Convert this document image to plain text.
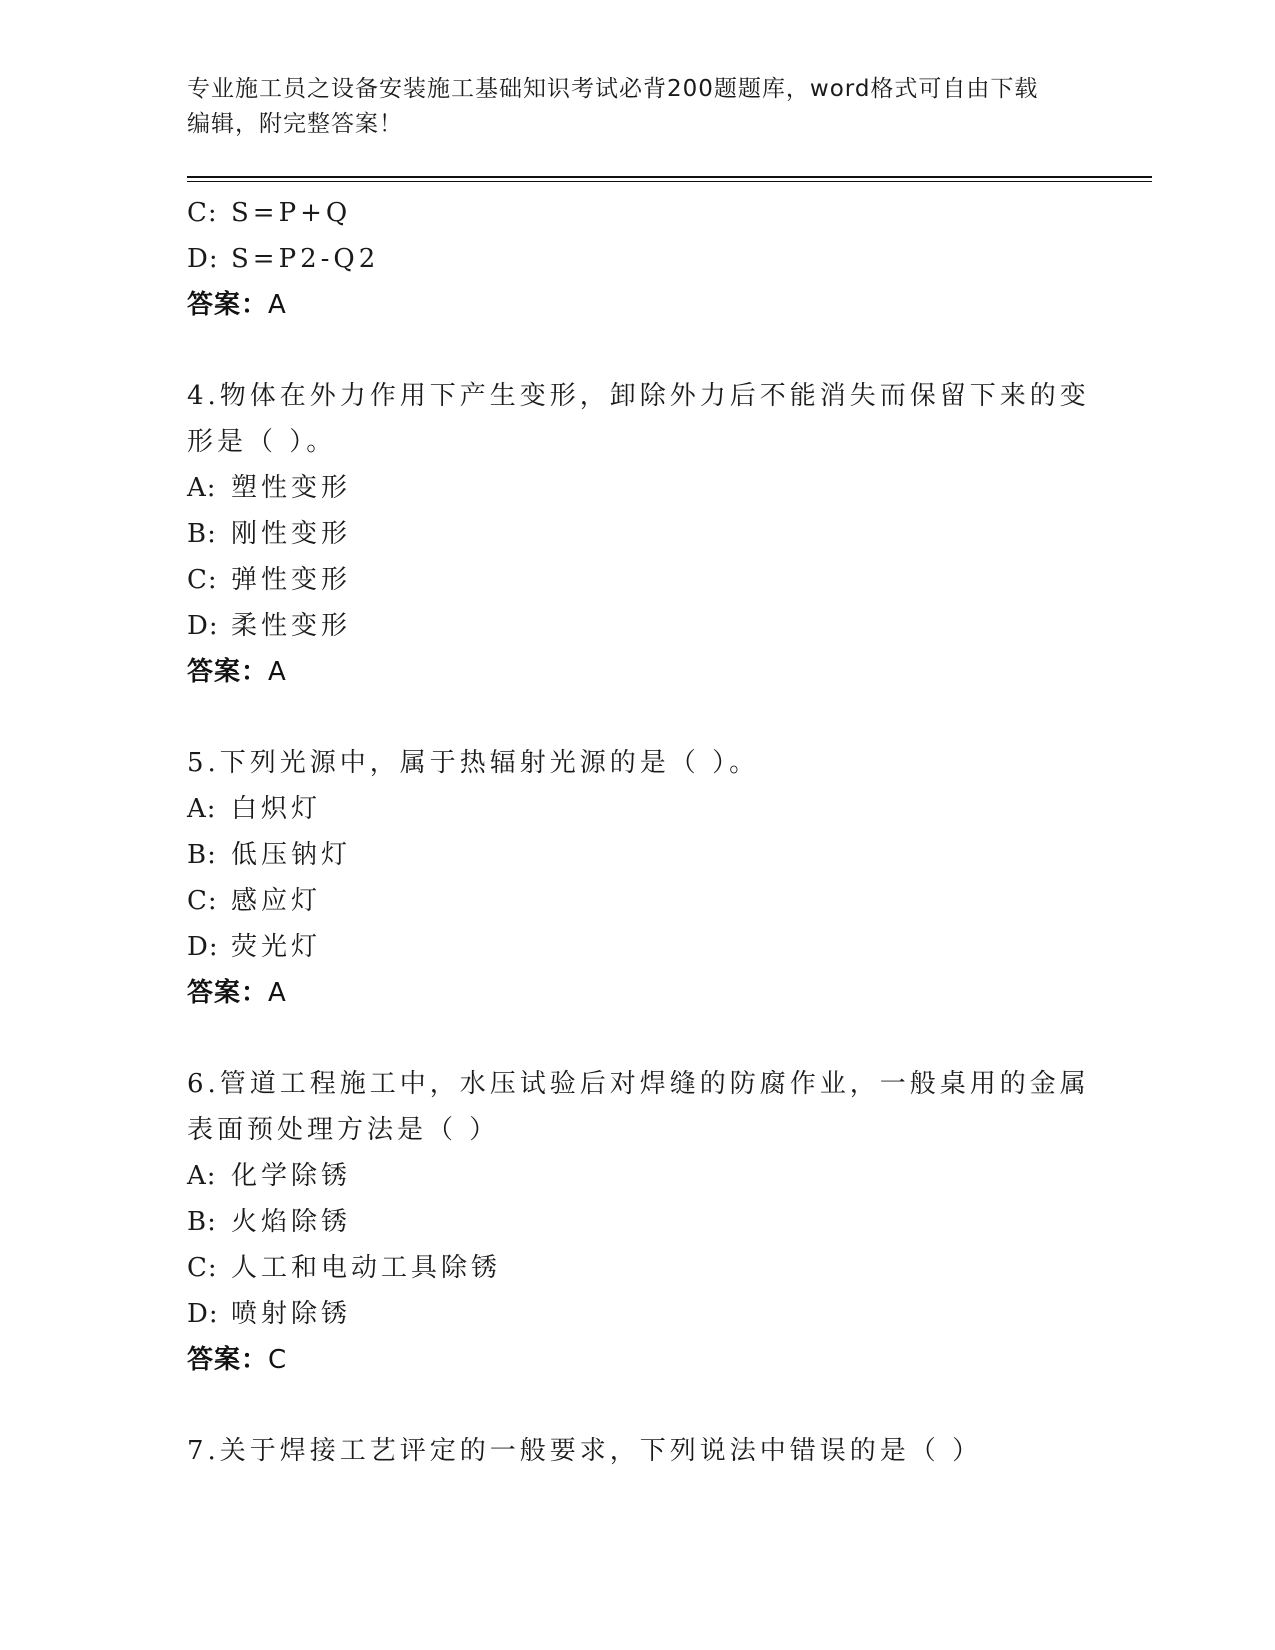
专业施工员之设备安装施工基础知识考试必背200题题库，word格式可自由下载
编辑，附完整答案！
C: S=P+Q
D: S=P2-Q2
答案：A
4.物体在外力作用下产生变形，卸除外力后不能消失而保留下来的变
形是（ ）。
A: 塑性变形
B: 刚性变形
C: 弹性变形
D: 柔性变形
答案：A
5.下列光源中，属于热辐射光源的是（ ）。
A: 白炽灯
B: 低压钠灯
C: 感应灯
D: 荧光灯
答案：A
6.管道工程施工中，水压试验后对焊缝的防腐作业，一般桌用的金属
表面预处理方法是（ ）
A: 化学除锈
B: 火焰除锈
C: 人工和电动工具除锈
D: 喷射除锈
答案：C
7.关于焊接工艺评定的一般要求，下列说法中错误的是（ ）
